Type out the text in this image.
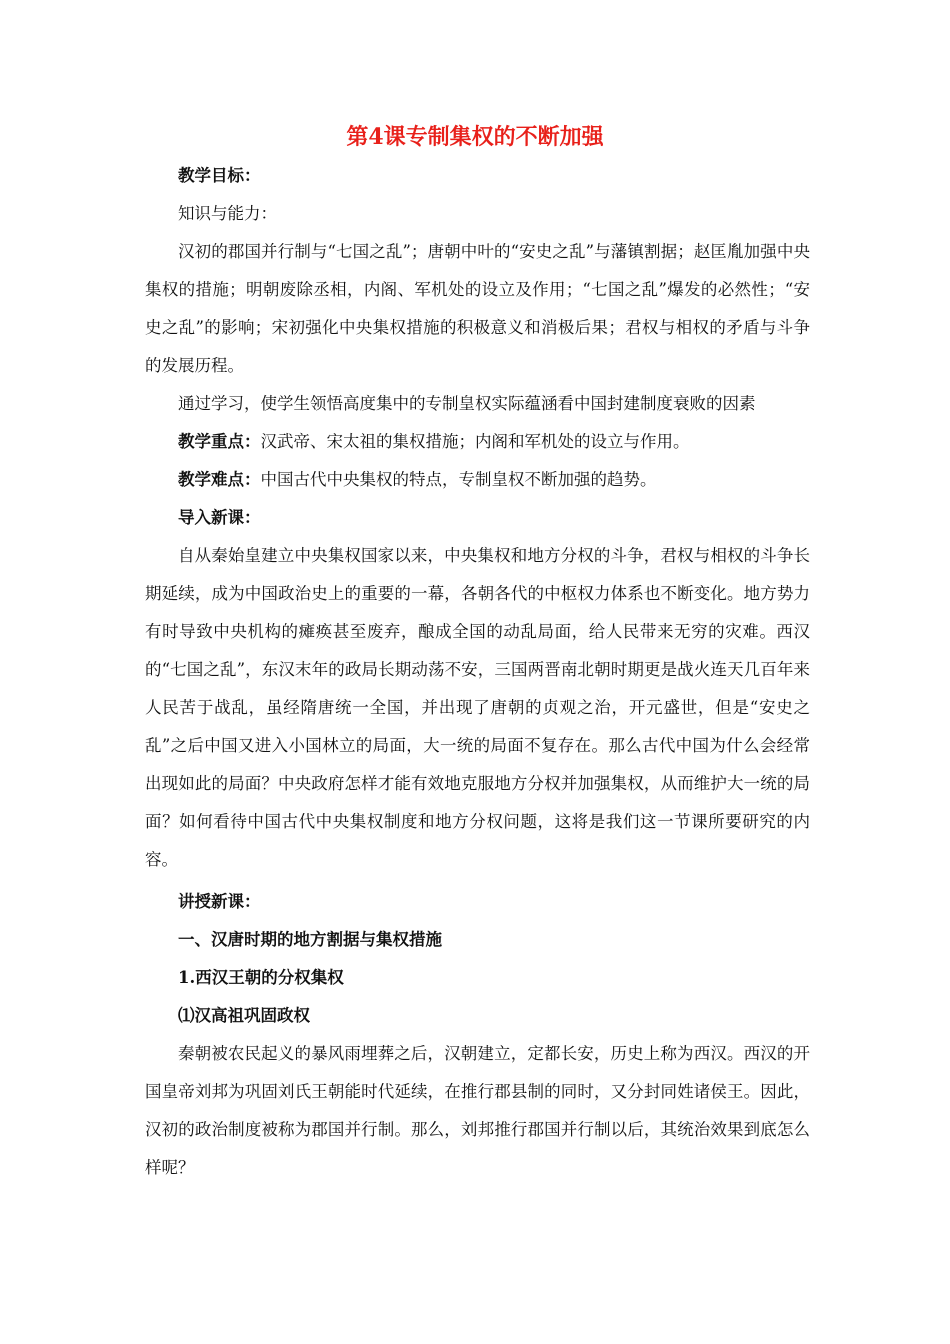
第4课专制集权的不断加强

教学目标：

知识与能力：

汉初的郡国并行制与“七国之乱”；唐朝中叶的“安史之乱”与藩镇割据；赵匡胤加强中央集权的措施；明朝废除丞相，内阁、军机处的设立及作用；“七国之乱”爆发的必然性；“安史之乱”的影响；宋初强化中央集权措施的积极意义和消极后果；君权与相权的矛盾与斗争的发展历程。

通过学习，使学生领悟高度集中的专制皇权实际蕴涵看中国封建制度衰败的因素

教学重点：汉武帝、宋太祖的集权措施；内阁和军机处的设立与作用。

教学难点：中国古代中央集权的特点，专制皇权不断加强的趋势。

导入新课：

自从秦始皇建立中央集权国家以来，中央集权和地方分权的斗争，君权与相权的斗争长期延续，成为中国政治史上的重要的一幕，各朝各代的中枢权力体系也不断变化。地方势力有时导致中央机构的瘫痪甚至废弃，酿成全国的动乱局面，给人民带来无穷的灾难。西汉的“七国之乱”，东汉末年的政局长期动荡不安，三国两晋南北朝时期更是战火连天几百年来人民苦于战乱，虽经隋唐统一全国，并出现了唐朝的贞观之治，开元盛世，但是“安史之乱”之后中国又进入小国林立的局面，大一统的局面不复存在。那么古代中国为什么会经常出现如此的局面？中央政府怎样才能有效地克服地方分权并加强集权，从而维护大一统的局面？如何看待中国古代中央集权制度和地方分权问题，这将是我们这一节课所要研究的内容。

讲授新课：

一、汉唐时期的地方割据与集权措施

1.西汉王朝的分权集权

⑴汉高祖巩固政权

秦朝被农民起义的暴风雨埋葬之后，汉朝建立，定都长安，历史上称为西汉。西汉的开国皇帝刘邦为巩固刘氏王朝能时代延续，在推行郡县制的同时，又分封同姓诸侯王。因此，汉初的政治制度被称为郡国并行制。那么，刘邦推行郡国并行制以后，其统治效果到底怎么样呢？
